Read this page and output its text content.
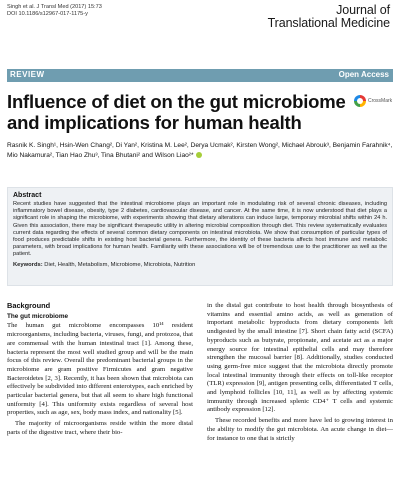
Singh et al. J Transl Med (2017) 15:73
DOI 10.1186/s12967-017-1175-y	Journal of
Translational Medicine
REVIEW	Open Access
Influence of diet on the gut microbiome and implications for human health
CrossMark
Rasnik K. Singh¹, Hsin-Wen Chang², Di Yan², Kristina M. Lee², Derya Ucmak², Kirsten Wong², Michael Abrouk³, Benjamin Farahnik⁴, Mio Nakamura², Tian Hao Zhu³, Tina Bhutani² and Wilson Liao²*
Abstract
Recent studies have suggested that the intestinal microbiome plays an important role in modulating risk of several chronic diseases, including inflammatory bowel disease, obesity, type 2 diabetes, cardiovascular disease, and cancer. At the same time, it is now understood that diet plays a significant role in shaping the microbiome, with experiments showing that dietary alterations can induce large, temporary microbial shifts within 24 h. Given this association, there may be significant therapeutic utility in altering microbial composition through diet. This review systematically evaluates current data regarding the effects of several common dietary components on intestinal microbiota. We show that consumption of particular types of food produces predictable shifts in existing host bacterial genera. Furthermore, the identity of these bacteria affects host immune and metabolic parameters, with broad implications for human health. Familiarity with these associations will be of tremendous use to the practitioner as well as the patient.
Keywords: Diet, Health, Metabolism, Microbiome, Microbiota, Nutrition
Background
The gut microbiome

The human gut microbiome encompasses 10¹⁴ resident microorganisms, including bacteria, viruses, fungi, and protozoa, that are commensal with the human intestinal tract [1]. Among these, bacteria represent the most well studied group and will be the main focus of this review. Overall the predominant bacterial groups in the microbiome are gram positive Firmicutes and gram negative Bacteroidetes [2, 3]. Recently, it has been shown that microbiota can effectively be subdivided into different enterotypes, each enriched by particular bacterial genera, but that all seem to share high functional uniformity [4]. This uniformity exists regardless of several host properties, such as age, sex, body mass index, and nationality [5].

The majority of microorganisms reside within the more distal parts of the digestive tract, where their bio-

in the distal gut contribute to host health through biosynthesis of vitamins and essential amino acids, as well as generation of important metabolic byproducts from dietary components left undigested by the small intestine [7]. Short chain fatty acid (SCFA) byproducts such as butyrate, propionate, and acetate act as a major energy source for intestinal epithelial cells and may therefore strengthen the mucosal barrier [8]. Additionally, studies conducted using germ-free mice suggest that the microbiota directly promote local intestinal immunity through their effects on toll-like receptor (TLR) expression [9], antigen presenting cells, differentiated T cells, and lymphoid follicles [10, 11], as well as by affecting systemic immunity through increased splenic CD4⁺ T cells and systemic antibody expression [12].

These recorded benefits and more have led to growing interest in the ability to modify the gut microbiota. An acute change in diet—for instance to one that is strictly
